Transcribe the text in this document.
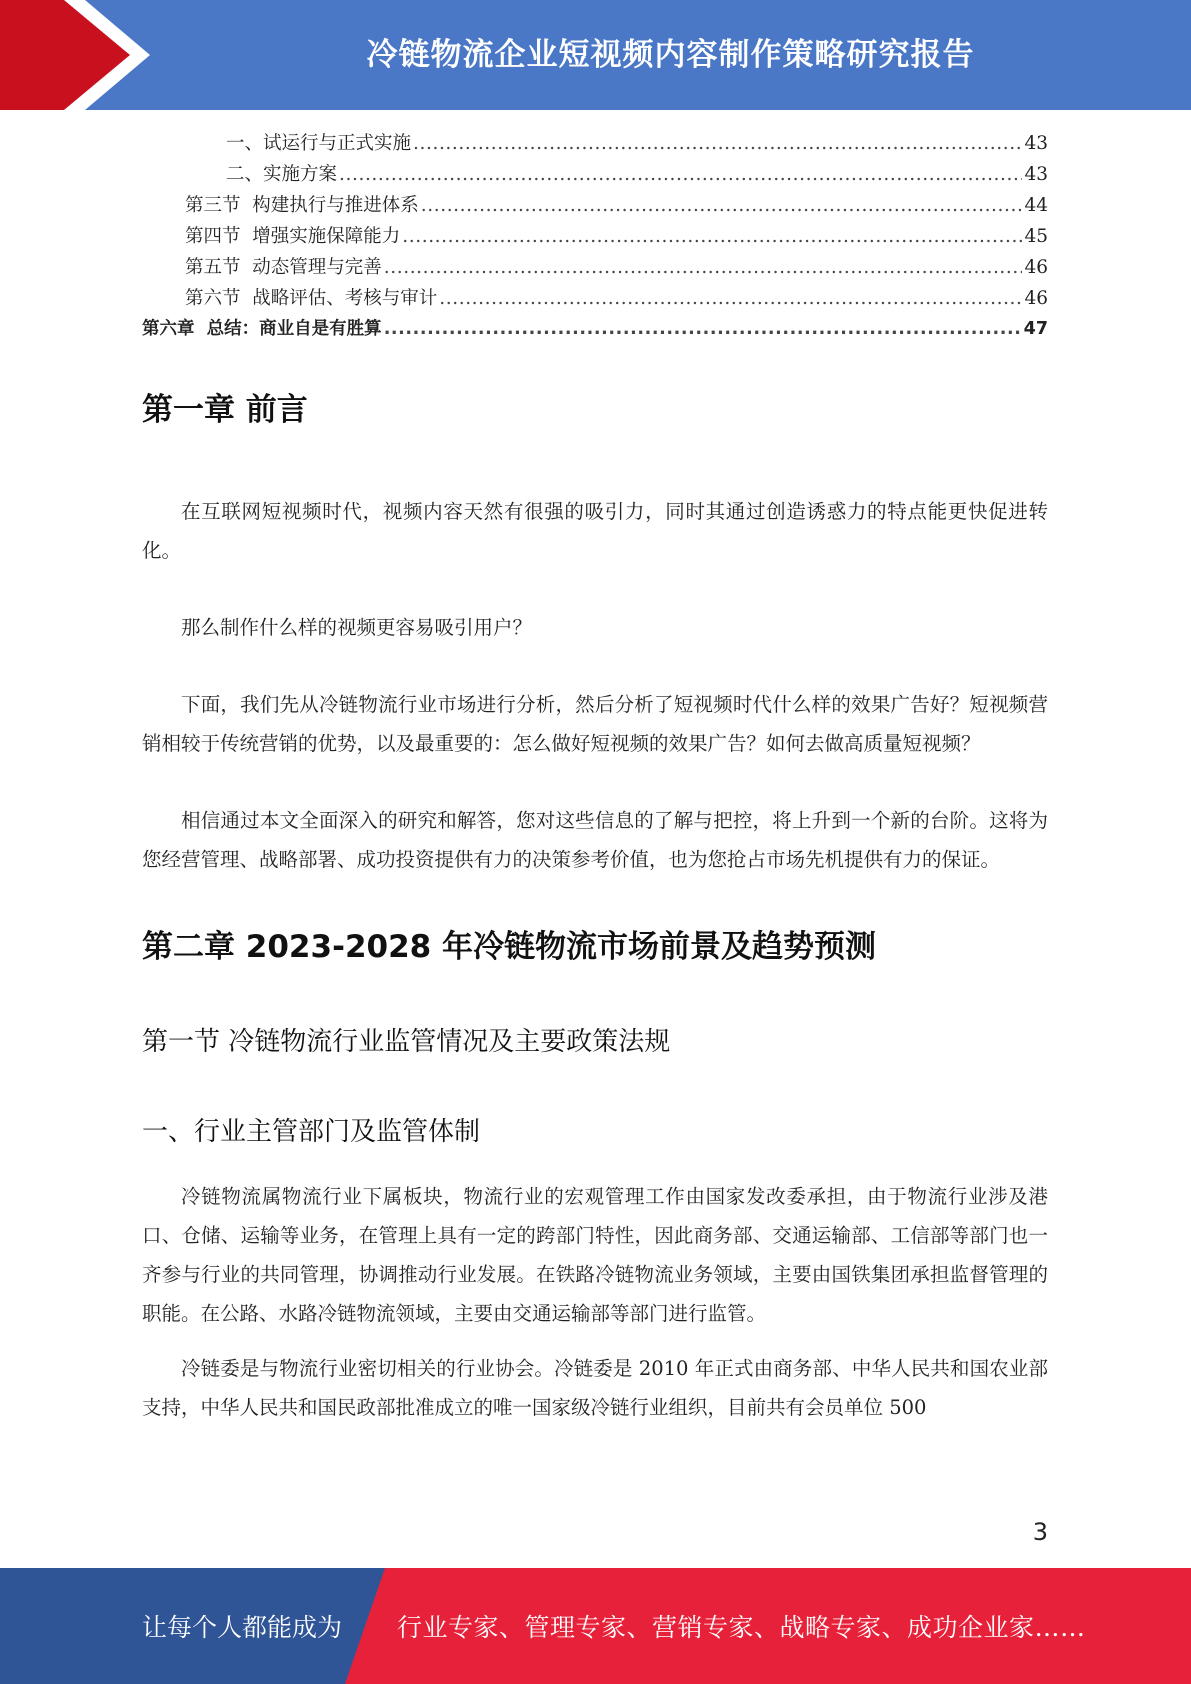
冷链物流企业短视频内容制作策略研究报告
一、试运行与正式实施 .....	43
二、实施方案 .....	43
第三节  构建执行与推进体系 .....	44
第四节  增强实施保障能力 .....	45
第五节  动态管理与完善 .....	46
第六节  战略评估、考核与审计 .....	46
第六章  总结：商业自是有胜算 .....	47
第一章 前言

在互联网短视频时代，视频内容天然有很强的吸引力，同时其通过创造诱惑力的特点能更快促进转化。

那么制作什么样的视频更容易吸引用户？

下面，我们先从冷链物流行业市场进行分析，然后分析了短视频时代什么样的效果广告好？短视频营销相较于传统营销的优势，以及最重要的：怎么做好短视频的效果广告？如何去做高质量短视频？

相信通过本文全面深入的研究和解答，您对这些信息的了解与把控，将上升到一个新的台阶。这将为您经营管理、战略部署、成功投资提供有力的决策参考价值，也为您抢占市场先机提供有力的保证。

第二章 2023-2028 年冷链物流市场前景及趋势预测
第一节 冷链物流行业监管情况及主要政策法规
一、行业主管部门及监管体制

冷链物流属物流行业下属板块，物流行业的宏观管理工作由国家发改委承担，由于物流行业涉及港口、仓储、运输等业务，在管理上具有一定的跨部门特性，因此商务部、交通运输部、工信部等部门也一齐参与行业的共同管理，协调推动行业发展。在铁路冷链物流业务领域，主要由国铁集团承担监督管理的职能。在公路、水路冷链物流领域，主要由交通运输部等部门进行监管。

冷链委是与物流行业密切相关的行业协会。冷链委是 2010 年正式由商务部、中华人民共和国农业部支持，中华人民共和国民政部批准成立的唯一国家级冷链行业组织，目前共有会员单位 500

3
让每个人都能成为 行业专家、管理专家、营销专家、战略专家、成功企业家……
